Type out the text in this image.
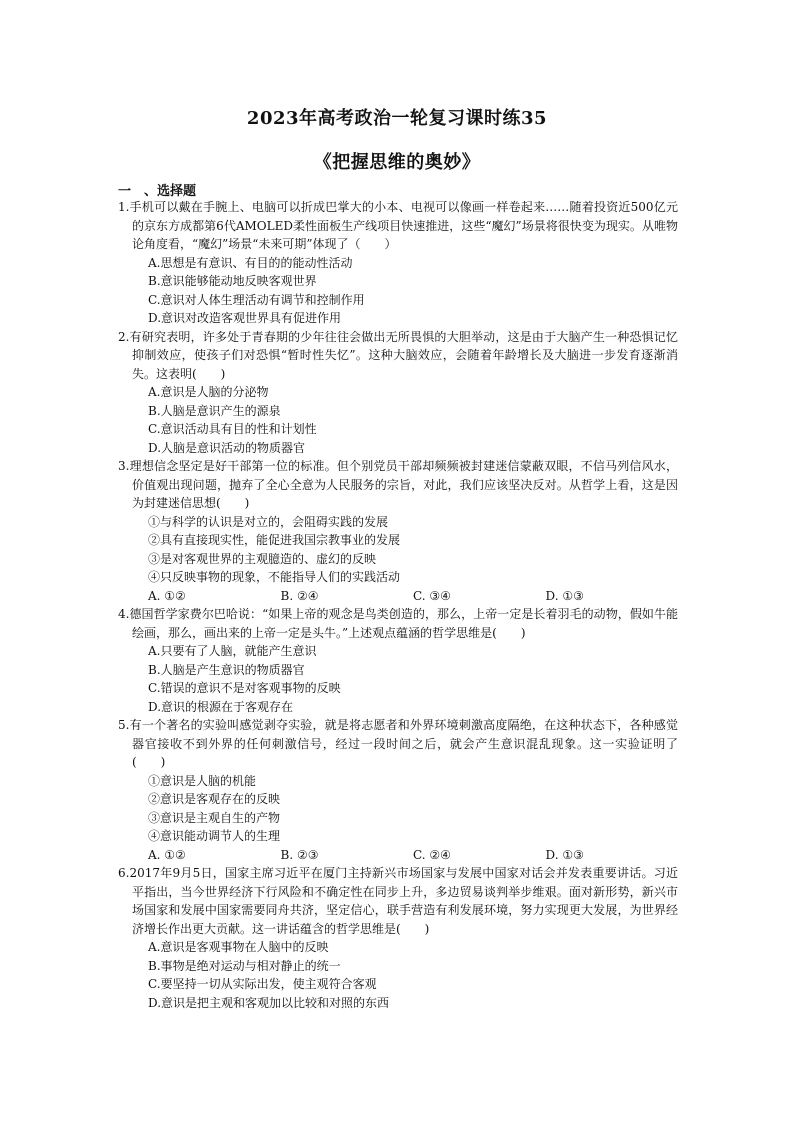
2023年高考政治一轮复习课时练35
《把握思维的奥妙》
一　、选择题

1.手机可以戴在手腕上、电脑可以折成巴掌大的小本、电视可以像画一样卷起来……随着投资近500亿元的京东方成都第6代AMOLED柔性面板生产线项目快速推进，这些“魔幻”场景将很快变为现实。从唯物论角度看，“魔幻”场景“未来可期”体现了（　　）

A.思想是有意识、有目的的能动性活动

B.意识能够能动地反映客观世界

C.意识对人体生理活动有调节和控制作用

D.意识对改造客观世界具有促进作用

2.有研究表明，许多处于青春期的少年往往会做出无所畏惧的大胆举动，这是由于大脑产生一种恐惧记忆抑制效应，使孩子们对恐惧“暂时性失忆”。这种大脑效应，会随着年龄增长及大脑进一步发育逐渐消失。这表明(　　)

A.意识是人脑的分泌物

B.人脑是意识产生的源泉

C.意识活动具有目的性和计划性

D.人脑是意识活动的物质器官

3.理想信念坚定是好干部第一位的标准。但个别党员干部却频频被封建迷信蒙蔽双眼，不信马列信风水，价值观出现问题，抛弃了全心全意为人民服务的宗旨，对此，我们应该坚决反对。从哲学上看，这是因为封建迷信思想(　　)

①与科学的认识是对立的，会阻碍实践的发展

②具有直接现实性，能促进我国宗教事业的发展

③是对客观世界的主观臆造的、虚幻的反映

④只反映事物的现象，不能指导人们的实践活动

A. ①②	B. ②④	C. ③④	D. ①③

4.德国哲学家费尔巴哈说：“如果上帝的观念是鸟类创造的，那么，上帝一定是长着羽毛的动物，假如牛能绘画，那么，画出来的上帝一定是头牛。”上述观点蕴涵的哲学思维是(　　)

A.只要有了人脑，就能产生意识

B.人脑是产生意识的物质器官

C.错误的意识不是对客观事物的反映

D.意识的根源在于客观存在

5.有一个著名的实验叫感觉剥夺实验，就是将志愿者和外界环境刺激高度隔绝，在这种状态下，各种感觉器官接收不到外界的任何刺激信号，经过一段时间之后，就会产生意识混乱现象。这一实验证明了(　　)

①意识是人脑的机能

②意识是客观存在的反映

③意识是主观自生的产物

④意识能动调节人的生理

A. ①②	B. ②③	C. ②④	D. ①③

6.2017年9月5日，国家主席习近平在厦门主持新兴市场国家与发展中国家对话会并发表重要讲话。习近平指出，当今世界经济下行风险和不确定性在同步上升，多边贸易谈判举步维艰。面对新形势，新兴市场国家和发展中国家需要同舟共济，坚定信心，联手营造有利发展环境，努力实现更大发展，为世界经济增长作出更大贡献。这一讲话蕴含的哲学思维是(　　)

A.意识是客观事物在人脑中的反映

B.事物是绝对运动与相对静止的统一

C.要坚持一切从实际出发，使主观符合客观

D.意识是把主观和客观加以比较和对照的东西
